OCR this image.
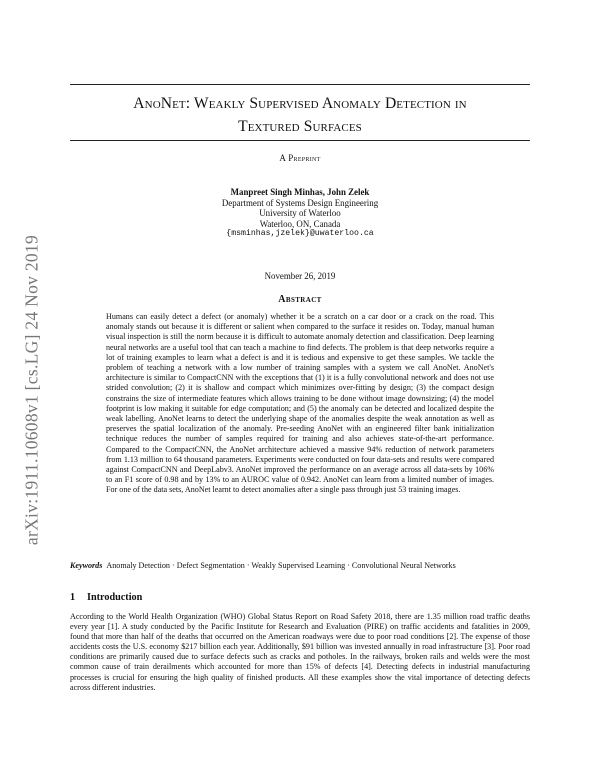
arXiv:1911.10608v1 [cs.LG] 24 Nov 2019
AnoNet: Weakly Supervised Anomaly Detection in
Textured Surfaces
A Preprint
Manpreet Singh Minhas, John Zelek
Department of Systems Design Engineering
University of Waterloo
Waterloo, ON, Canada
{msminhas,jzelek}@uwaterloo.ca
November 26, 2019
Abstract
Humans can easily detect a defect (or anomaly) whether it be a scratch on a car door or a crack on the road. This anomaly stands out because it is different or salient when compared to the surface it resides on. Today, manual human visual inspection is still the norm because it is difficult to automate anomaly detection and classification. Deep learning neural networks are a useful tool that can teach a machine to find defects. The problem is that deep networks require a lot of training examples to learn what a defect is and it is tedious and expensive to get these samples. We tackle the problem of teaching a network with a low number of training samples with a system we call AnoNet. AnoNet's architecture is similar to CompactCNN with the exceptions that (1) it is a fully convolutional network and does not use strided convolution; (2) it is shallow and compact which minimizes over-fitting by design; (3) the compact design constrains the size of intermediate features which allows training to be done without image downsizing; (4) the model footprint is low making it suitable for edge computation; and (5) the anomaly can be detected and localized despite the weak labelling. AnoNet learns to detect the underlying shape of the anomalies despite the weak annotation as well as preserves the spatial localization of the anomaly. Pre-seeding AnoNet with an engineered filter bank initialization technique reduces the number of samples required for training and also achieves state-of-the-art performance. Compared to the CompactCNN, the AnoNet architecture achieved a massive 94% reduction of network parameters from 1.13 million to 64 thousand parameters. Experiments were conducted on four data-sets and results were compared against CompactCNN and DeepLabv3. AnoNet improved the performance on an average across all data-sets by 106% to an F1 score of 0.98 and by 13% to an AUROC value of 0.942. AnoNet can learn from a limited number of images. For one of the data sets, AnoNet learnt to detect anomalies after a single pass through just 53 training images.
Keywords Anomaly Detection · Defect Segmentation · Weakly Supervised Learning · Convolutional Neural Networks
1 Introduction
According to the World Health Organization (WHO) Global Status Report on Road Safety 2018, there are 1.35 million road traffic deaths every year [1]. A study conducted by the Pacific Institute for Research and Evaluation (PIRE) on traffic accidents and fatalities in 2009, found that more than half of the deaths that occurred on the American roadways were due to poor road conditions [2]. The expense of those accidents costs the U.S. economy $217 billion each year. Additionally, $91 billion was invested annually in road infrastructure [3]. Poor road conditions are primarily caused due to surface defects such as cracks and potholes. In the railways, broken rails and welds were the most common cause of train derailments which accounted for more than 15% of defects [4]. Detecting defects in industrial manufacturing processes is crucial for ensuring the high quality of finished products. All these examples show the vital importance of detecting defects across different industries.
